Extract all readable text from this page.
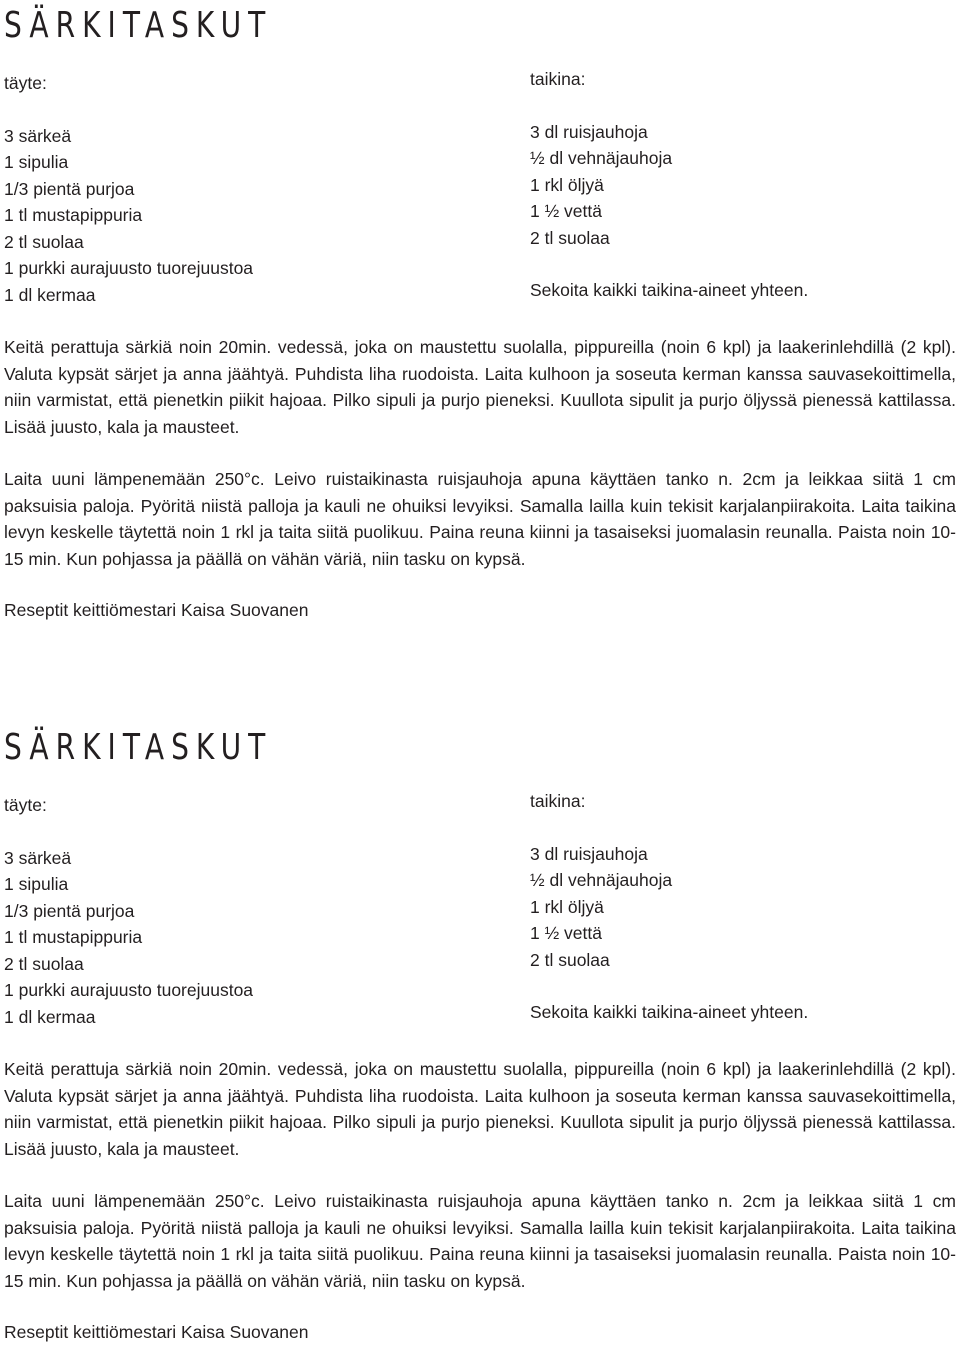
SÄRKITASKUT
täyte:
3 särkeä
1 sipulia
1/3 pientä purjoa
1 tl mustapippuria
2 tl suolaa
1 purkki aurajuusto tuorejuustoa
1 dl kermaa
taikina:
3 dl ruisjauhoja
½ dl vehnäjauhoja
1 rkl öljyä
1 ½ vettä
2 tl suolaa
Sekoita kaikki taikina-aineet yhteen.

Keitä perattuja särkiä noin 20min. vedessä, joka on maustettu suolalla, pippureilla (noin 6 kpl) ja laakerinlehdillä (2 kpl). Valuta kypsät särjet ja anna jäähtyä. Puhdista liha ruodoista. Laita kulhoon ja soseuta kerman kanssa sauvasekoittimella, niin varmistat, että pienetkin piikit hajoaa. Pilko sipuli ja purjo pieneksi. Kuullota sipulit ja purjo öljyssä pienessä kattilassa. Lisää juusto, kala ja mausteet.

Laita uuni lämpenemään 250°c. Leivo ruistaikinasta ruisjauhoja apuna käyttäen tanko n. 2cm ja leikkaa siitä 1 cm paksuisia paloja. Pyöritä niistä palloja ja kauli ne ohuiksi levyiksi. Samalla lailla kuin tekisit karjalanpiirakoita. Laita taikina levyn keskelle täytettä noin 1 rkl ja taita siitä puolikuu. Paina reuna kiinni ja tasaiseksi juomalasin reunalla. Paista noin 10-15 min. Kun pohjassa ja päällä on vähän väriä, niin tasku on kypsä.

Reseptit keittiömestari Kaisa Suovanen
SÄRKITASKUT
täyte:
3 särkeä
1 sipulia
1/3 pientä purjoa
1 tl mustapippuria
2 tl suolaa
1 purkki aurajuusto tuorejuustoa
1 dl kermaa
taikina:
3 dl ruisjauhoja
½ dl vehnäjauhoja
1 rkl öljyä
1 ½ vettä
2 tl suolaa
Sekoita kaikki taikina-aineet yhteen.

Keitä perattuja särkiä noin 20min. vedessä, joka on maustettu suolalla, pippureilla (noin 6 kpl) ja laakerinlehdillä (2 kpl). Valuta kypsät särjet ja anna jäähtyä. Puhdista liha ruodoista. Laita kulhoon ja soseuta kerman kanssa sauvasekoittimella, niin varmistat, että pienetkin piikit hajoaa. Pilko sipuli ja purjo pieneksi. Kuullota sipulit ja purjo öljyssä pienessä kattilassa. Lisää juusto, kala ja mausteet.

Laita uuni lämpenemään 250°c. Leivo ruistaikinasta ruisjauhoja apuna käyttäen tanko n. 2cm ja leikkaa siitä 1 cm paksuisia paloja. Pyöritä niistä palloja ja kauli ne ohuiksi levyiksi. Samalla lailla kuin tekisit karjalanpiirakoita. Laita taikina levyn keskelle täytettä noin 1 rkl ja taita siitä puolikuu. Paina reuna kiinni ja tasaiseksi juomalasin reunalla. Paista noin 10-15 min. Kun pohjassa ja päällä on vähän väriä, niin tasku on kypsä.

Reseptit keittiömestari Kaisa Suovanen
